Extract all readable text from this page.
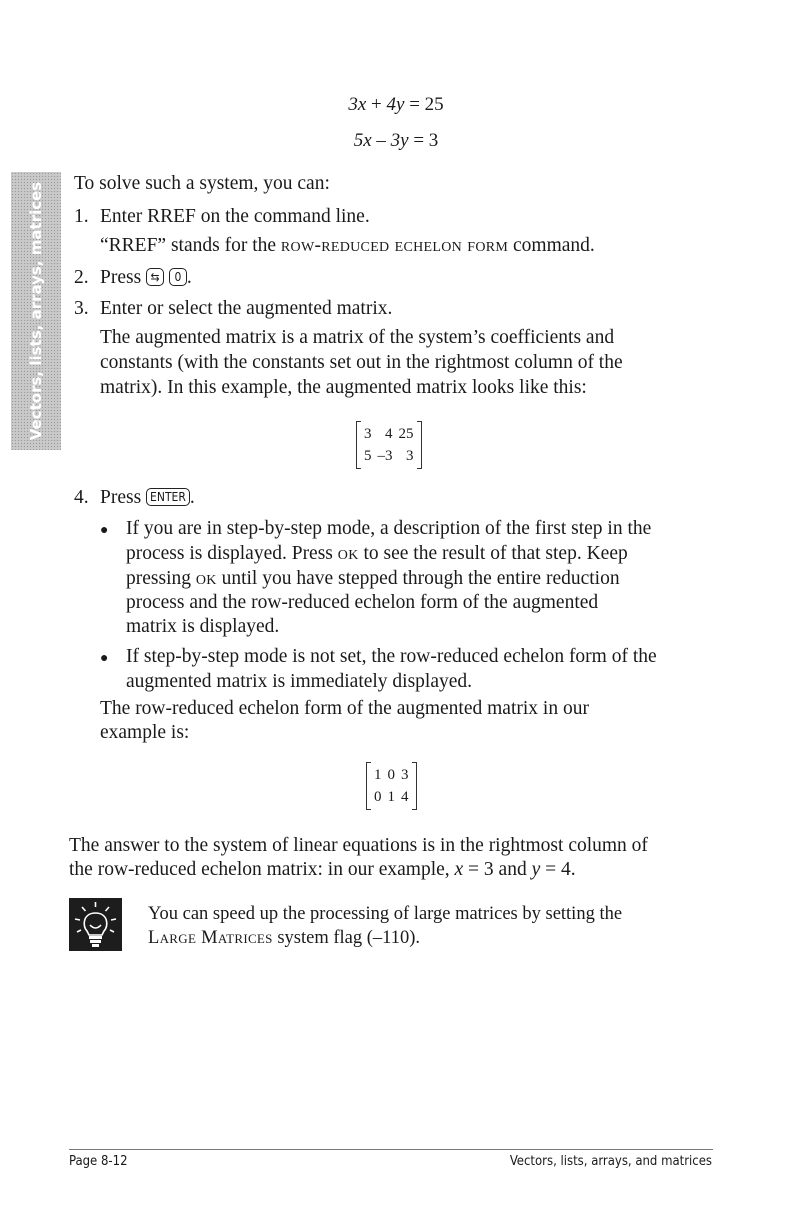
3x + 4y = 25
5x – 3y = 3
Vectors, lists, arrays, matrices To solve such a system, you can:

1. Enter RREF on the command line.

“RREF” stands for the row-reduced echelon form command.

2. Press ⇆ 0 .

3. Enter or select the augmented matrix.

The augmented matrix is a matrix of the system’s coefficients and

constants (with the constants set out in the rightmost column of the

matrix). In this example, the augmented matrix looks like this:

3	4	25
5	–3	3

4. Press ENTER .

● If you are in step-by-step mode, a description of the first step in the

process is displayed. Press ok to see the result of that step. Keep

pressing ok until you have stepped through the entire reduction

process and the row-reduced echelon form of the augmented

matrix is displayed.

● If step-by-step mode is not set, the row-reduced echelon form of the

augmented matrix is immediately displayed.

The row-reduced echelon form of the augmented matrix in our

example is:

1	0	3
0	1	4

The answer to the system of linear equations is in the rightmost column of

the row-reduced echelon matrix: in our example, x = 3 and y = 4.

You can speed up the processing of large matrices by setting the

Large Matrices system flag (–110).

Page 8-12	Vectors, lists, arrays, and matrices
